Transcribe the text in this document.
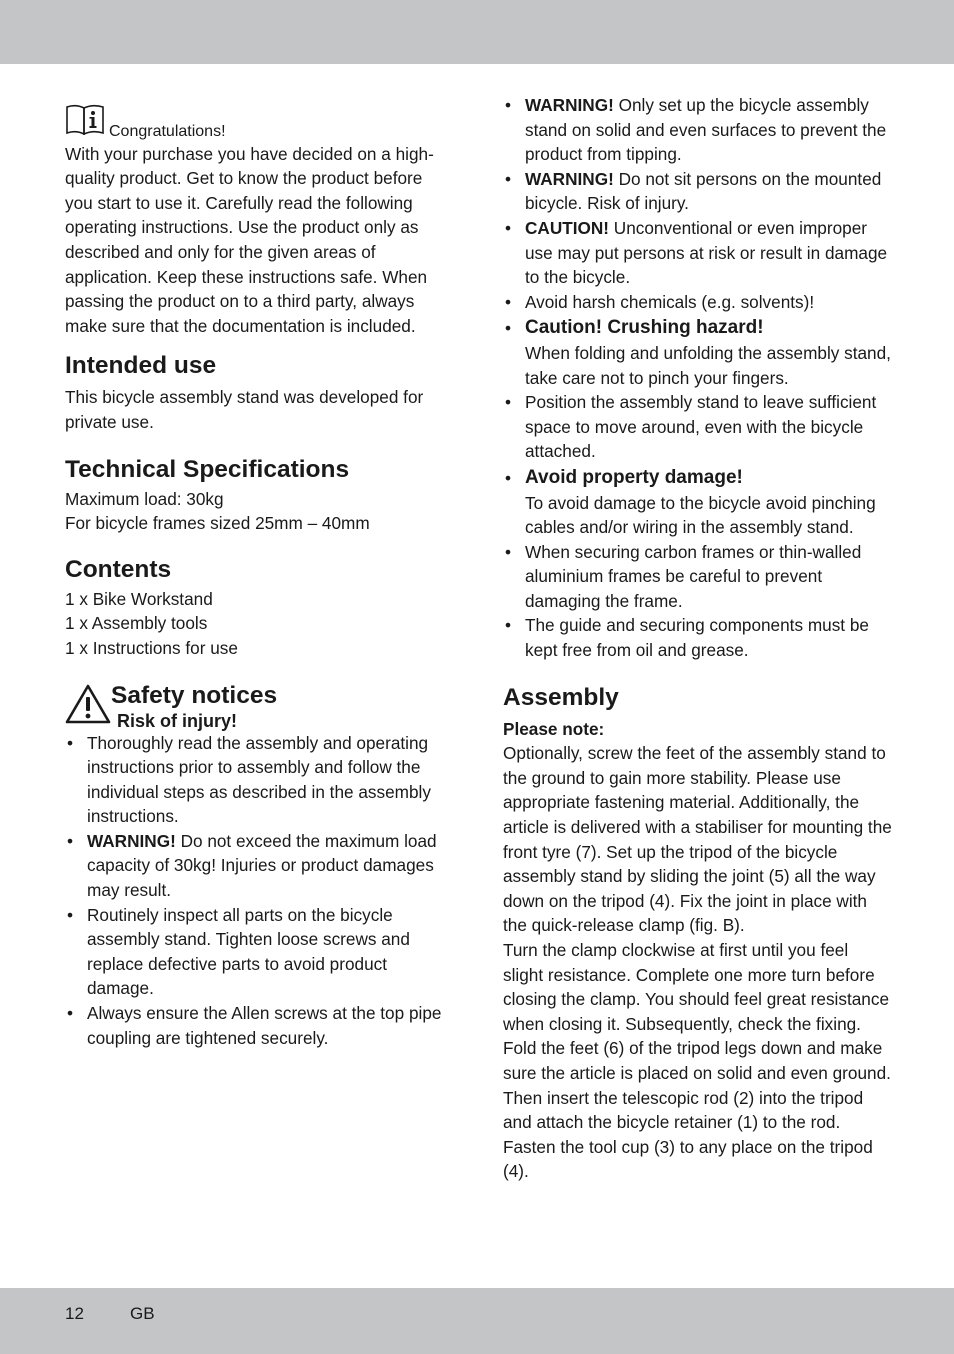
Congratulations!

With your purchase you have decided on a high-quality product. Get to know the product before you start to use it. Carefully read the following operating instructions. Use the product only as described and only for the given areas of application. Keep these instructions safe. When passing the product on to a third party, always make sure that the documentation is included.

Intended use

This bicycle assembly stand was developed for private use.

Technical Specifications

Maximum load: 30kg

For bicycle frames sized 25mm – 40mm

Contents

1 x Bike Workstand

1 x Assembly tools

1 x Instructions for use

Safety notices
Risk of injury!
• Thoroughly read the assembly and operating instructions prior to assembly and follow the individual steps as described in the assembly instructions.
• WARNING! Do not exceed the maximum load capacity of 30kg! Injuries or product damages may result.
• Routinely inspect all parts on the bicycle assembly stand. Tighten loose screws and replace defective parts to avoid product damage.
• Always ensure the Allen screws at the top pipe coupling are tightened securely.
• WARNING! Only set up the bicycle assembly stand on solid and even surfaces to prevent the product from tipping.
• WARNING! Do not sit persons on the mounted bicycle. Risk of injury.
• CAUTION! Unconventional or even improper use may put persons at risk or result in damage to the bicycle.
• Avoid harsh chemicals (e.g. solvents)!
• Caution! Crushing hazard!
When folding and unfolding the assembly stand, take care not to pinch your fingers.
• Position the assembly stand to leave sufficient space to move around, even with the bicycle attached.
• Avoid property damage!
To avoid damage to the bicycle avoid pinching cables and/or wiring in the assembly stand.
• When securing carbon frames or thin-walled aluminium frames be careful to prevent damaging the frame.
• The guide and securing components must be kept free from oil and grease.
Assembly

Please note:

Optionally, screw the feet of the assembly stand to the ground to gain more stability. Please use appropriate fastening material. Additionally, the article is delivered with a stabiliser for mounting the front tyre (7). Set up the tripod of the bicycle assembly stand by sliding the joint (5) all the way down on the tripod (4). Fix the joint in place with the quick-release clamp (fig. B).

Turn the clamp clockwise at first until you feel slight resistance. Complete one more turn before closing the clamp. You should feel great resistance when closing it. Subsequently, check the fixing. Fold the feet (6) of the tripod legs down and make sure the article is placed on solid and even ground. Then insert the telescopic rod (2) into the tripod and attach the bicycle retainer (1) to the rod. Fasten the tool cup (3) to any place on the tripod (4).

12	GB
